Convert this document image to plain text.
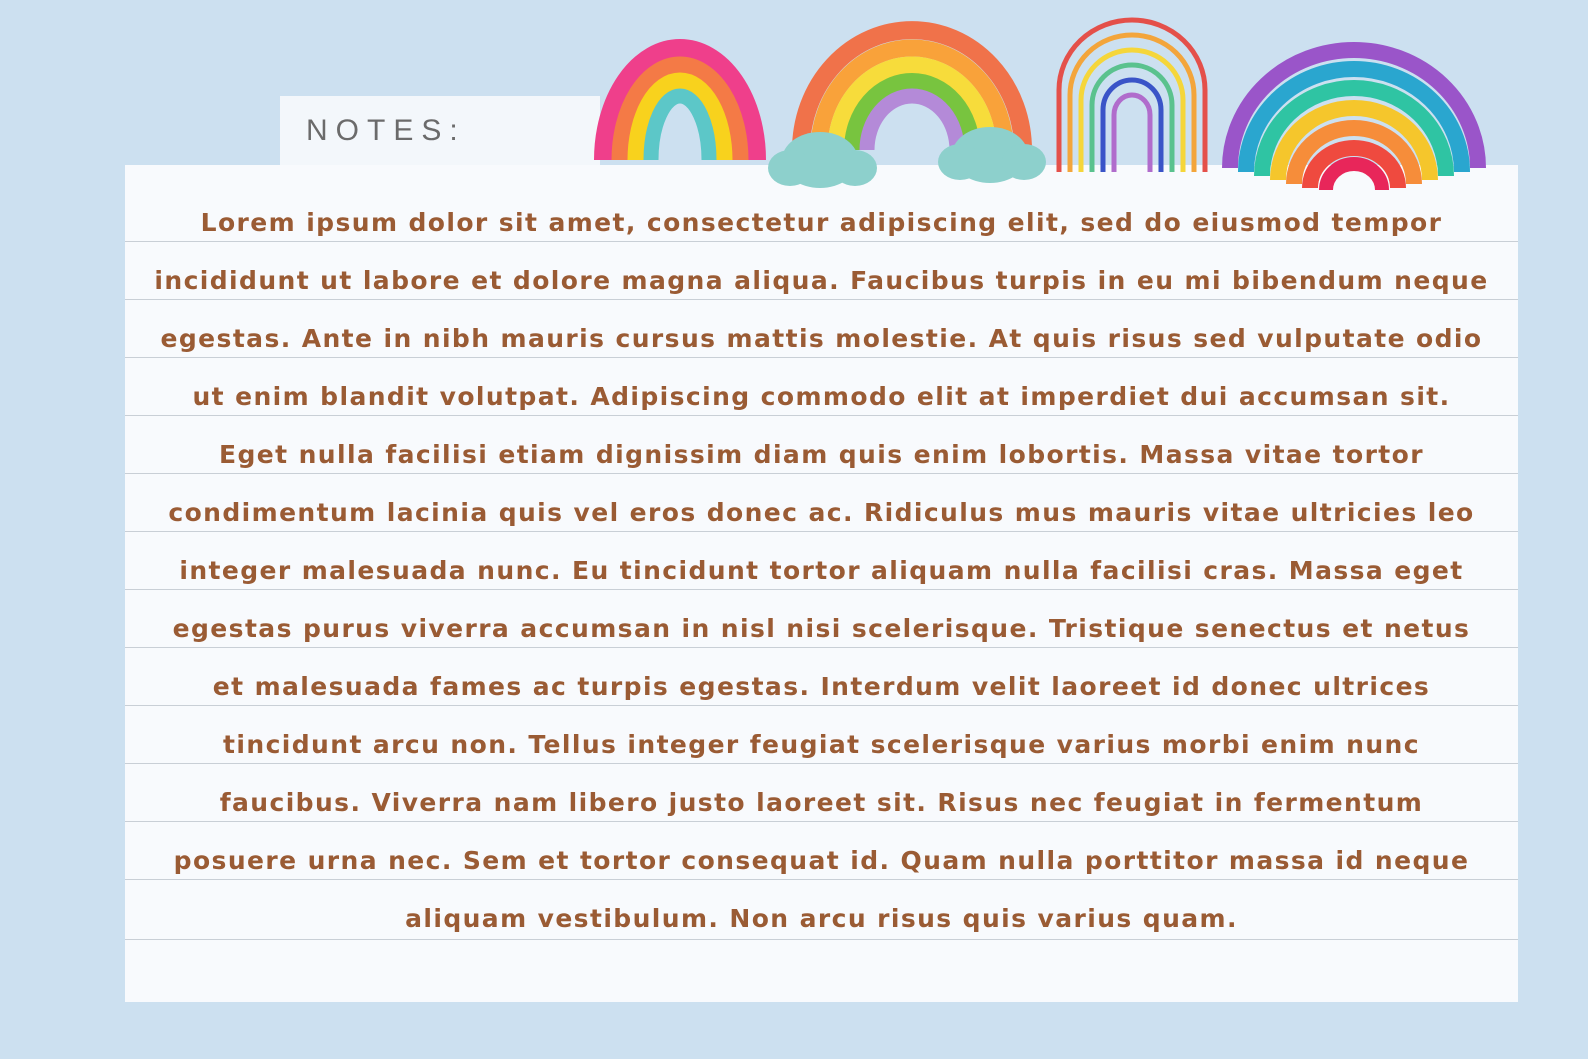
NOTES:
Lorem ipsum dolor sit amet, consectetur adipiscing elit, sed do eiusmod tempor
incididunt ut labore et dolore magna aliqua. Faucibus turpis in eu mi bibendum neque
egestas. Ante in nibh mauris cursus mattis molestie. At quis risus sed vulputate odio
ut enim blandit volutpat. Adipiscing commodo elit at imperdiet dui accumsan sit.
Eget nulla facilisi etiam dignissim diam quis enim lobortis. Massa vitae tortor
condimentum lacinia quis vel eros donec ac. Ridiculus mus mauris vitae ultricies leo
integer malesuada nunc. Eu tincidunt tortor aliquam nulla facilisi cras. Massa eget
egestas purus viverra accumsan in nisl nisi scelerisque. Tristique senectus et netus
et malesuada fames ac turpis egestas. Interdum velit laoreet id donec ultrices
tincidunt arcu non. Tellus integer feugiat scelerisque varius morbi enim nunc
faucibus. Viverra nam libero justo laoreet sit. Risus nec feugiat in fermentum
posuere urna nec. Sem et tortor consequat id. Quam nulla porttitor massa id neque
aliquam vestibulum. Non arcu risus quis varius quam.
